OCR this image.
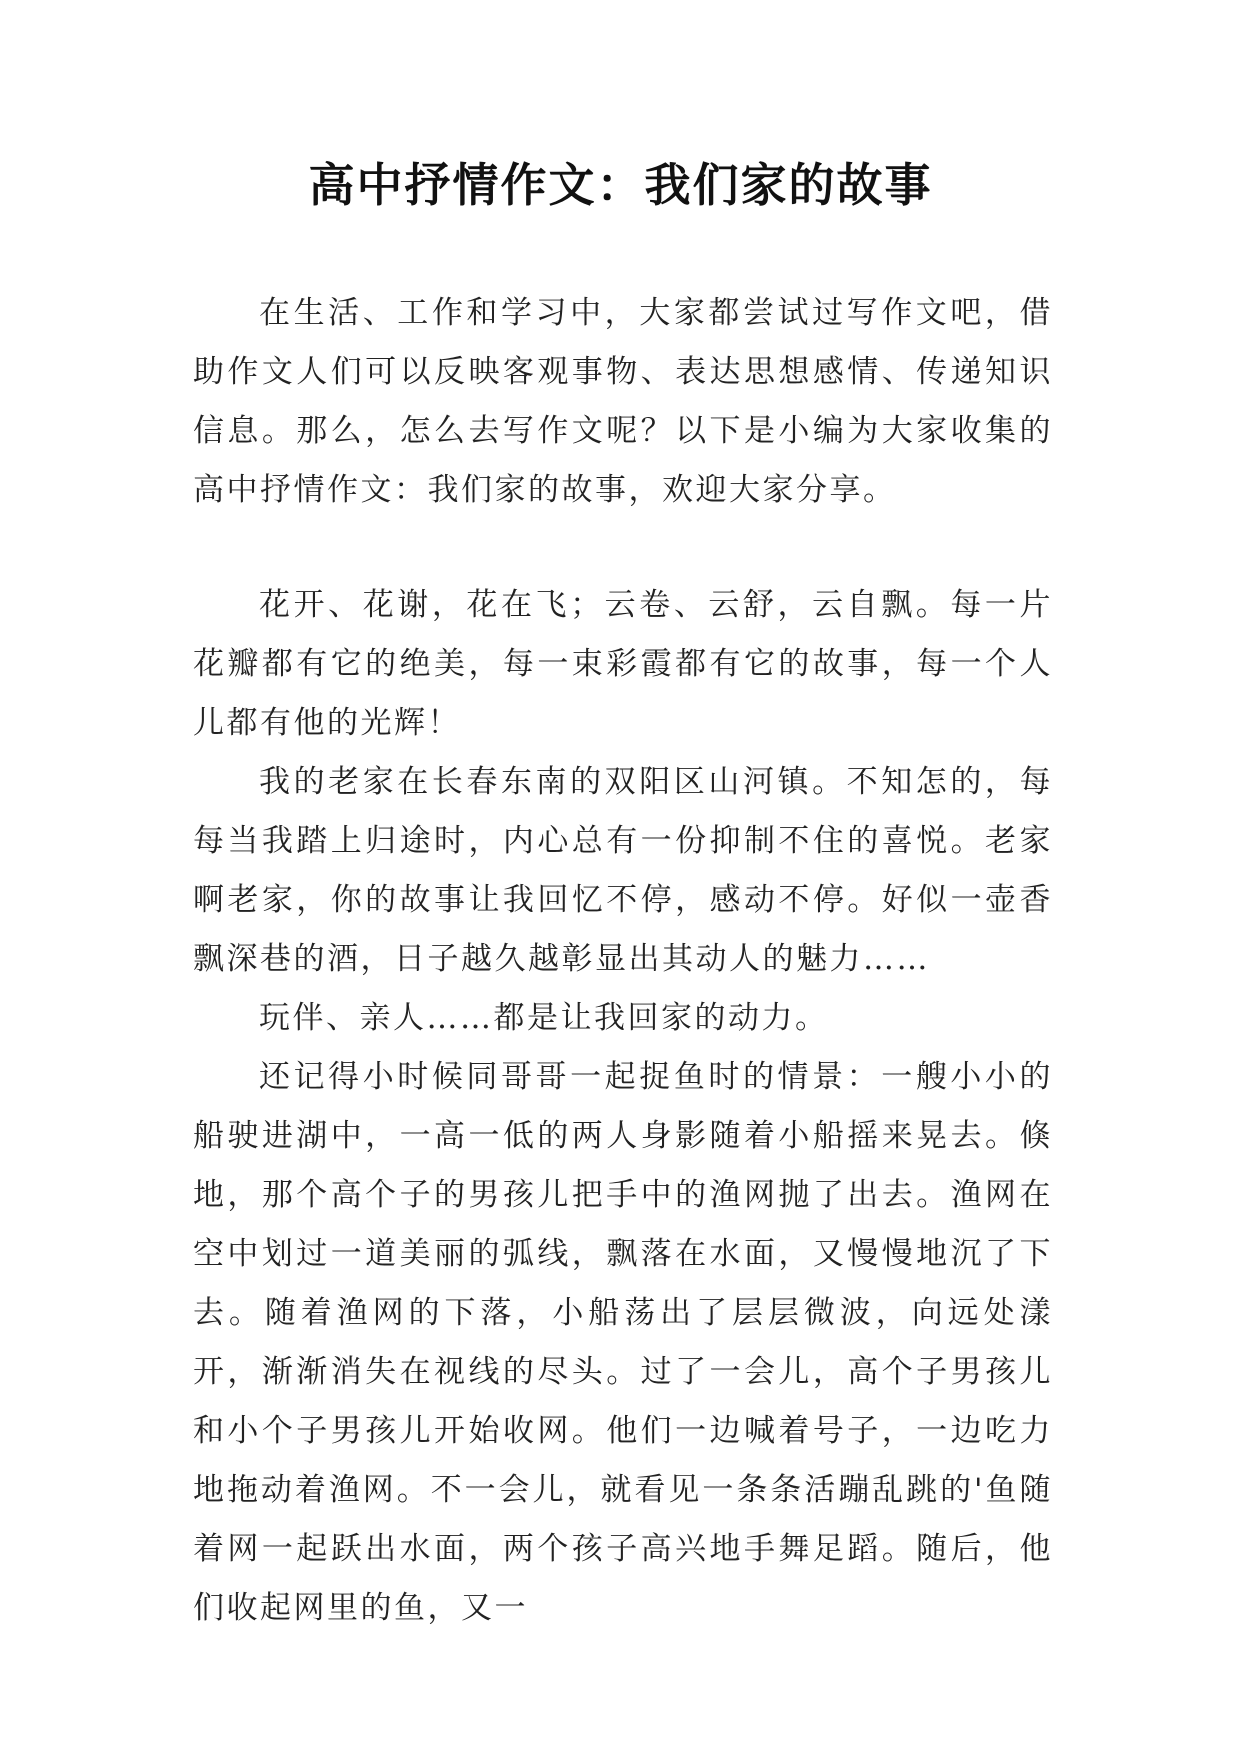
高中抒情作文：我们家的故事

在生活、工作和学习中，大家都尝试过写作文吧，借助作文人们可以反映客观事物、表达思想感情、传递知识信息。那么，怎么去写作文呢？以下是小编为大家收集的高中抒情作文：我们家的故事，欢迎大家分享。

花开、花谢，花在飞；云卷、云舒，云自飘。每一片花瓣都有它的绝美，每一束彩霞都有它的故事，每一个人儿都有他的光辉！

我的老家在长春东南的双阳区山河镇。不知怎的，每每当我踏上归途时，内心总有一份抑制不住的喜悦。老家啊老家，你的故事让我回忆不停，感动不停。好似一壶香飘深巷的酒，日子越久越彰显出其动人的魅力……

玩伴、亲人……都是让我回家的动力。

还记得小时候同哥哥一起捉鱼时的情景：一艘小小的船驶进湖中，一高一低的两人身影随着小船摇来晃去。倏地，那个高个子的男孩儿把手中的渔网抛了出去。渔网在空中划过一道美丽的弧线，飘落在水面，又慢慢地沉了下去。随着渔网的下落，小船荡出了层层微波，向远处漾开，渐渐消失在视线的尽头。过了一会儿，高个子男孩儿和小个子男孩儿开始收网。他们一边喊着号子，一边吃力地拖动着渔网。不一会儿，就看见一条条活蹦乱跳的'鱼随着网一起跃出水面，两个孩子高兴地手舞足蹈。随后，他们收起网里的鱼，又一
